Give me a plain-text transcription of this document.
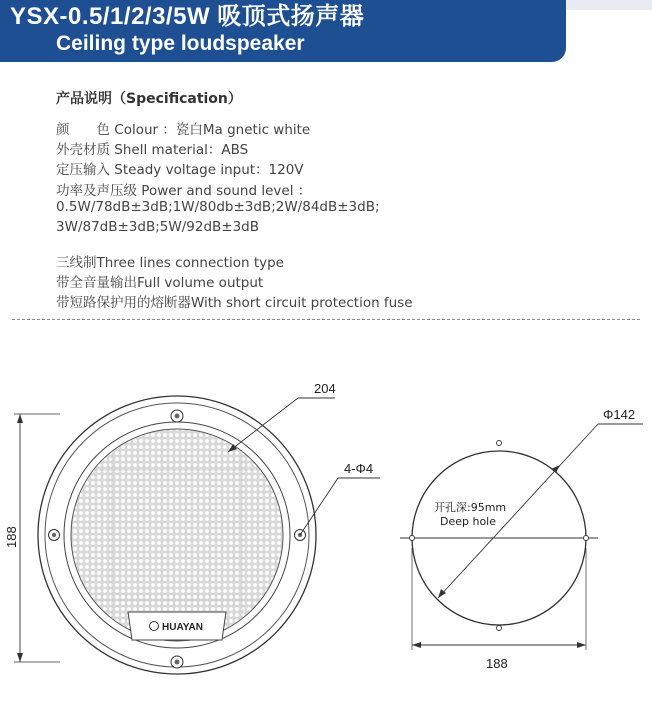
YSX-0.5/1/2/3/5W 吸顶式扬声器
Ceiling type loudspeaker
产品说明（Specification）
颜　　色 Colour ：瓷白Ma gnetic white
外壳材质 Shell material：ABS
定压输入 Steady voltage input：120V
功率及声压级 Power and sound level ：
0.5W/78dB±3dB;1W/80db±3dB;2W/84dB±3dB;
3W/87dB±3dB;5W/92dB±3dB
三线制Three lines connection type
带全音量输出Full volume output
带短路保护用的熔断器With short circuit protection fuse
HUAYAN
188
204
4-Φ4
Φ142
开孔深:95mm
Deep hole
188
